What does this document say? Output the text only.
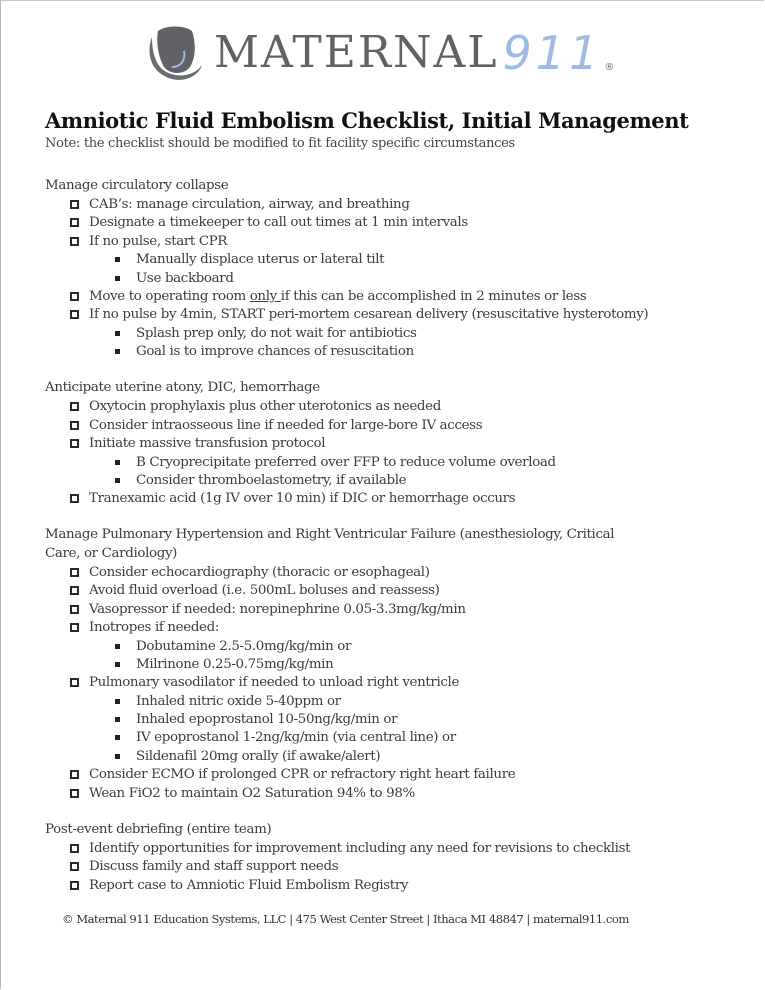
MATERNAL 911 ®
Amniotic Fluid Embolism Checklist, Initial Management
Note: the checklist should be modified to fit facility specific circumstances
Manage circulatory collapse
CAB’s: manage circulation, airway, and breathing
Designate a timekeeper to call out times at 1 min intervals
If no pulse, start CPR
Manually displace uterus or lateral tilt
Use backboard
Move to operating room only if this can be accomplished in 2 minutes or less
If no pulse by 4min, START peri-mortem cesarean delivery (resuscitative hysterotomy)
Splash prep only, do not wait for antibiotics
Goal is to improve chances of resuscitation
Anticipate uterine atony, DIC, hemorrhage
Oxytocin prophylaxis plus other uterotonics as needed
Consider intraosseous line if needed for large-bore IV access
Initiate massive transfusion protocol
B Cryoprecipitate preferred over FFP to reduce volume overload
Consider thromboelastometry, if available
Tranexamic acid (1g IV over 10 min) if DIC or hemorrhage occurs
Manage Pulmonary Hypertension and Right Ventricular Failure (anesthesiology, Critical
Care, or Cardiology)
Consider echocardiography (thoracic or esophageal)
Avoid fluid overload (i.e. 500mL boluses and reassess)
Vasopressor if needed: norepinephrine 0.05-3.3mg/kg/min
Inotropes if needed:
Dobutamine 2.5-5.0mg/kg/min or
Milrinone 0.25-0.75mg/kg/min
Pulmonary vasodilator if needed to unload right ventricle
Inhaled nitric oxide 5-40ppm or
Inhaled epoprostanol 10-50ng/kg/min or
IV epoprostanol 1-2ng/kg/min (via central line) or
Sildenafil 20mg orally (if awake/alert)
Consider ECMO if prolonged CPR or refractory right heart failure
Wean FiO2 to maintain O2 Saturation 94% to 98%
Post-event debriefing (entire team)
Identify opportunities for improvement including any need for revisions to checklist
Discuss family and staff support needs
Report case to Amniotic Fluid Embolism Registry
© Maternal 911 Education Systems, LLC | 475 West Center Street | Ithaca MI 48847 | maternal911.com
